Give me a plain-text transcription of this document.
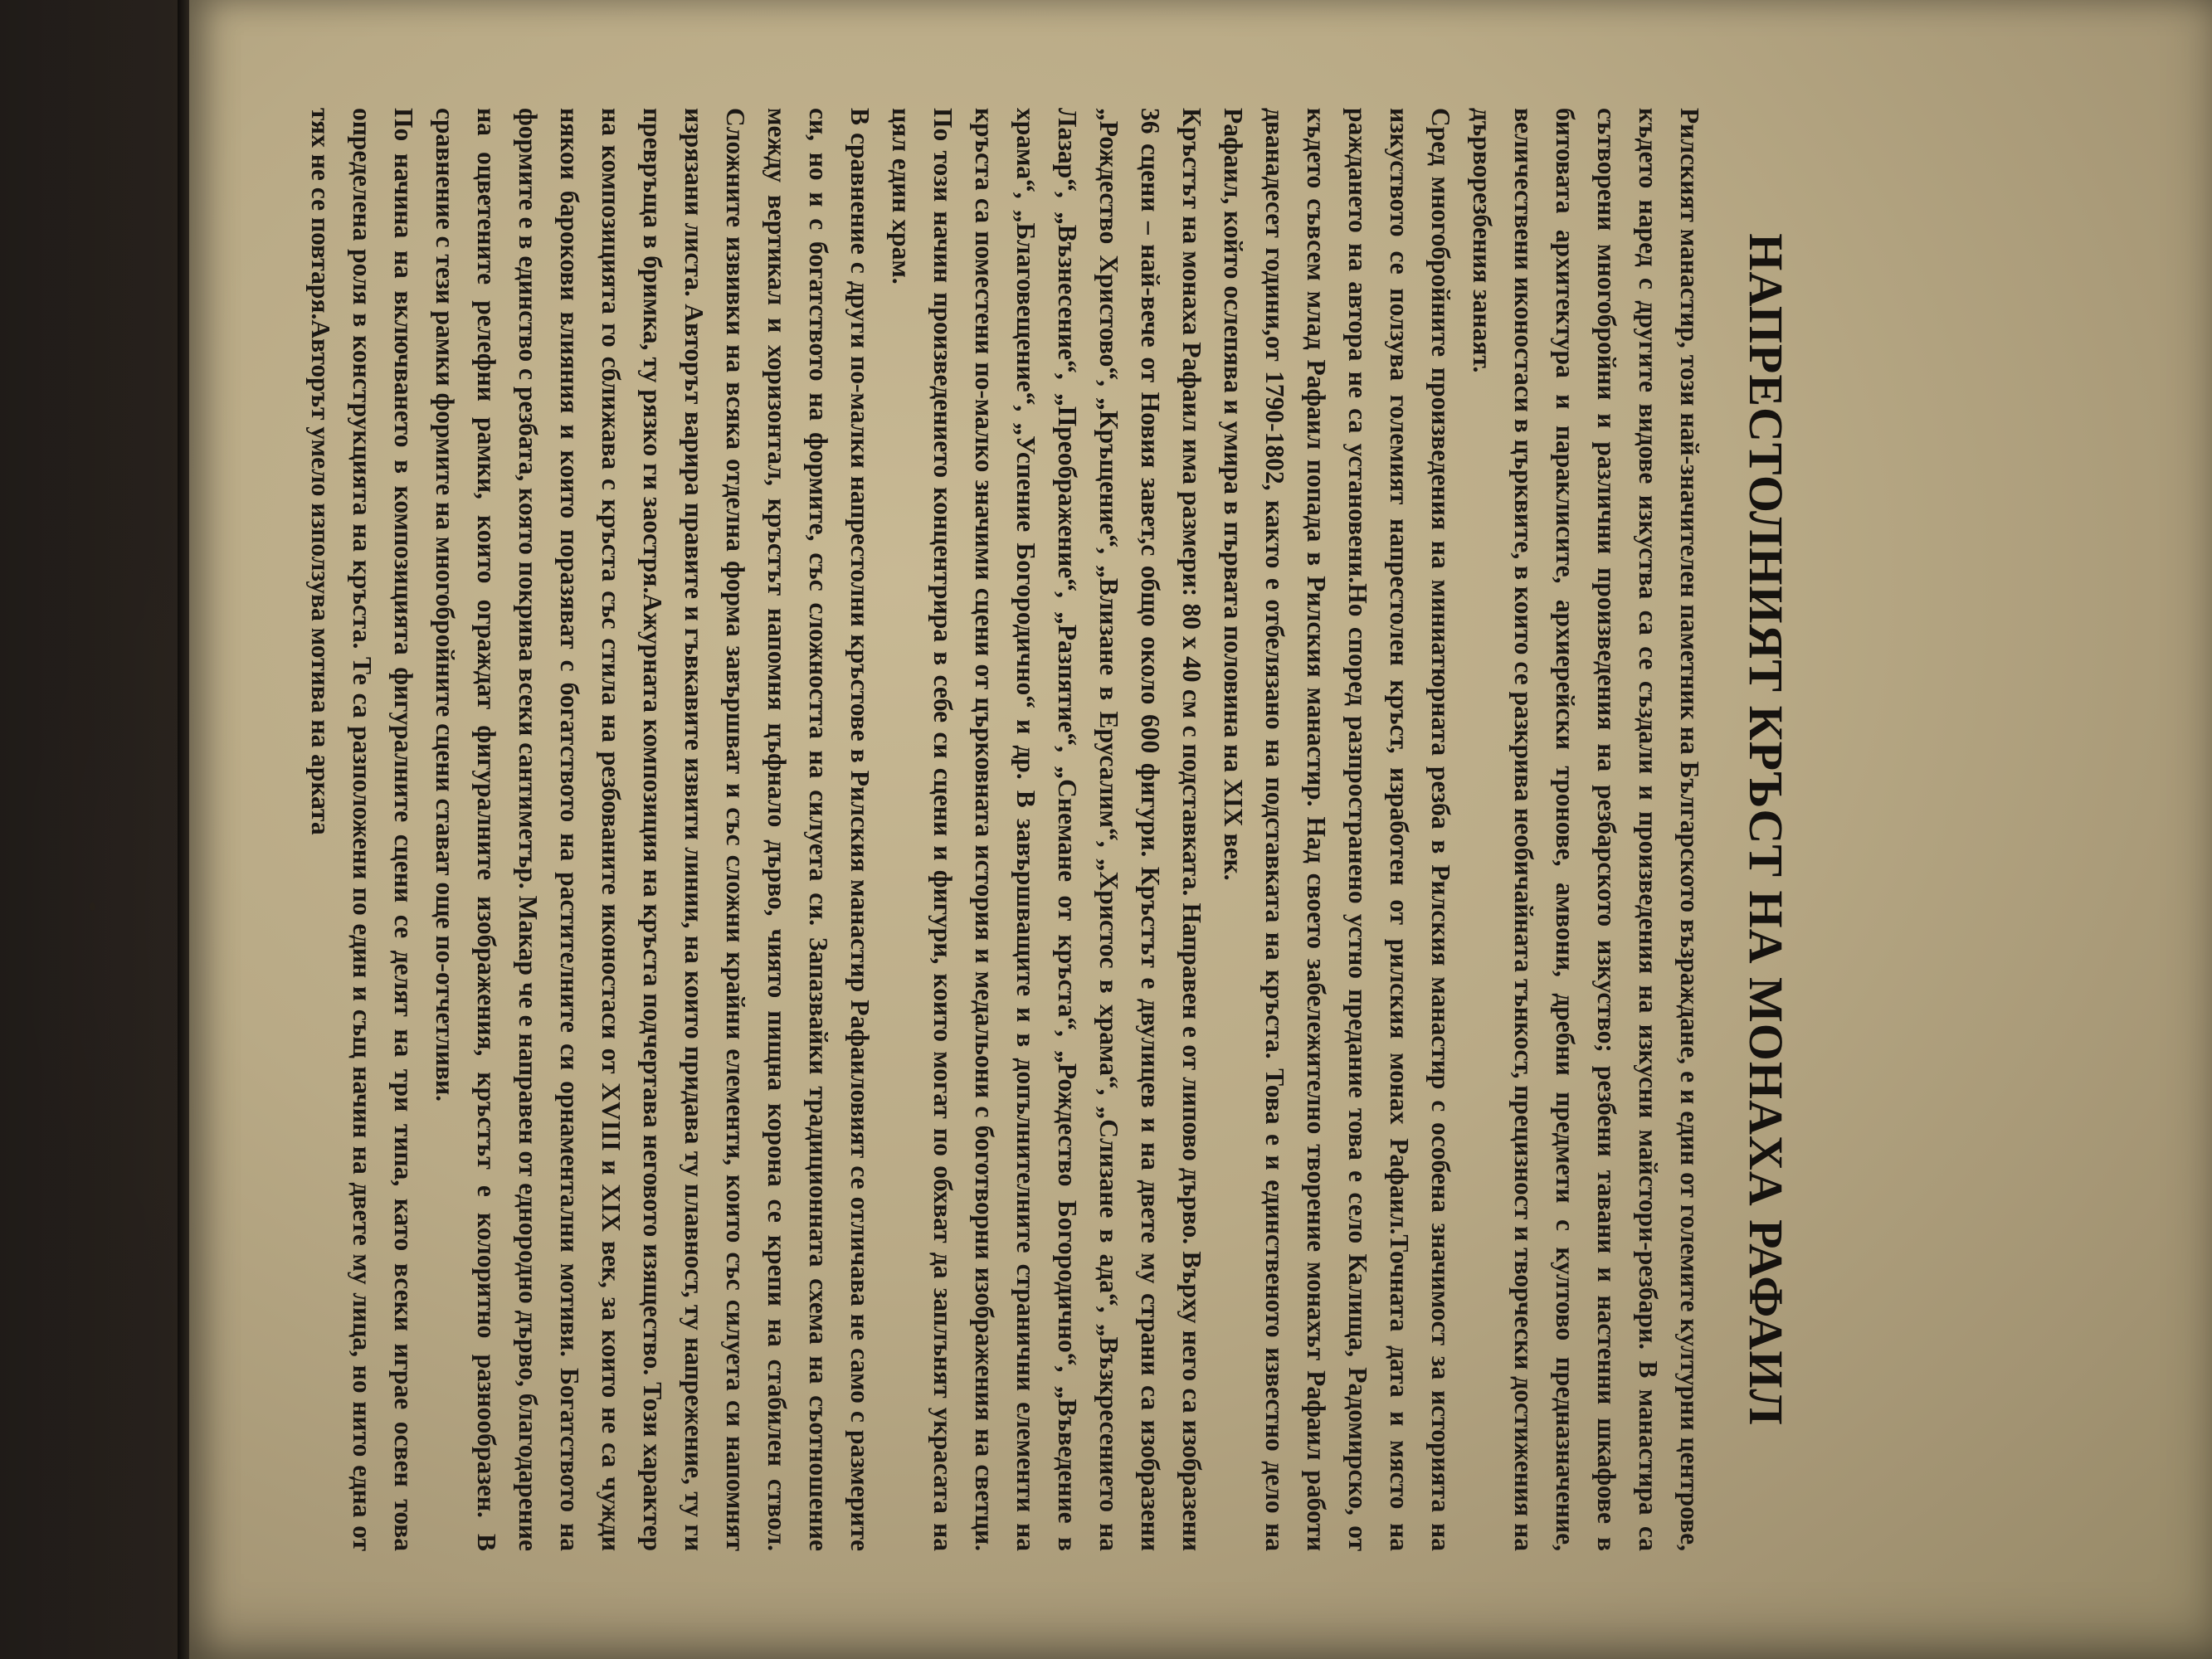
НАПРЕСТОЛНИЯТ КРЪСТ НА МОНАХА РАФАИЛ

Рилският манастир, този най-значителен паметник на Българското възраждане, е и един от големите културни центрове, където наред с другите видове изкуства са се създали и произведения на изкусни майстори-резбари. В манастира са сътворени многобройни и различни произведения на резбарското изкуство; резбени тавани и настенни шкафове в битовата архитектура и параклисите, архиерейски тронове, амвони, дребни предмети с култово предназначение, величествени иконостаси в църквите, в които се разкрива необичайната тънкост, прецизност и творчески достижения на дърворезбения занаят.

Сред многобройните произведения на миниатюрната резба в Рилския манастир с особена значимост за историята на изкуството се ползува големият напрестолен кръст, изработен от рилския монах Рафаил.Точната дата и място на раждането на автора не са установени.Но според разпространено устно предание това е село Калища, Радомирско, от където съвсем млад Рафаил попада в Рилския манастир. Над своето забележително творение монахът Рафаил работи дванадесет години,от 1790-1802, както е отбелязано на подставката на кръста. Това е и единственото известно дело на Рафаил, който ослепява и умира в първата половина на XIX век.

Кръстът на монаха Рафаил има размери: 80 х 40 см с подставката. Направен е от липово дърво. Върху него са изобразени 36 сцени – най-вече от Новия завет,с общо около 600 фигури. Кръстът е двулицев и на двете му страни са изобразени „Рождество Христово“, „Кръщение“, „Влизане в Ерусалим“, „Христос в храма“, „Слизане в ада“, „Възкресението на Лазар“, „Възнесение“, „Преображение“, „Разпятие“, „Снемане от кръста“, „Рождество Богородично“, „Въведение в храма“, „Благовещение“, „Успение Богородично“ и др. В завършващите и в допълнителните странични елементи на кръста са поместени по-малко значими сцени от църковната история и медальони с боготворни изображения на светци. По този начин произведението концентрира в себе си сцени и фигури, които могат по обхват да заплънят украсата на цял един храм.

В сравнение с други по-малки напрестолни кръстове в Рилския манастир Рафаиловият се отличава не само с размерите си, но и с богатството на формите, със сложността на силуета си. Запазвайки традиционната схема на съотношение между вертикал и хоризонтал, кръстът напомня цъфнало дърво, чиято пищна корона се крепи на стабилен ствол. Сложните извивки на всяка отделна форма завършват и със сложни крайни елементи, които със силуета си напомнят изрязани листа. Авторът варира правите и гъвкавите извити линии, на които придава ту плавност, ту напрежение, ту ги превръща в бримка, ту рязко ги заостря.Ажурната композиция на кръста подчертава неговото изящество. Този характер на композицията го сближава с кръста със стила на резбованите иконостаси от XVIII и XIX век, за които не са чужди някои барокови влияния и които поразяват с богатството на растителните си орнаментални мотиви. Богатството на формите е в единство с резбата, която покрива всеки сантиметър. Макар че е направен от еднородно дърво, благодарение на оцветените релефни рамки, които ограждат фигуралните изображения, кръстът е колоритно разнообразен. В сравнение с тези рамки формите на многобройните сцени стават още по-отчетливи.

По начина на включването в композицията фигуралните сцени се делят на три типа, като всеки играе освен това определена роля в конструкцията на кръста. Те са разположени по един и същ начин на двете му лица, но нито една от тях не се повтаря.Авторът умело използува мотива на арката
